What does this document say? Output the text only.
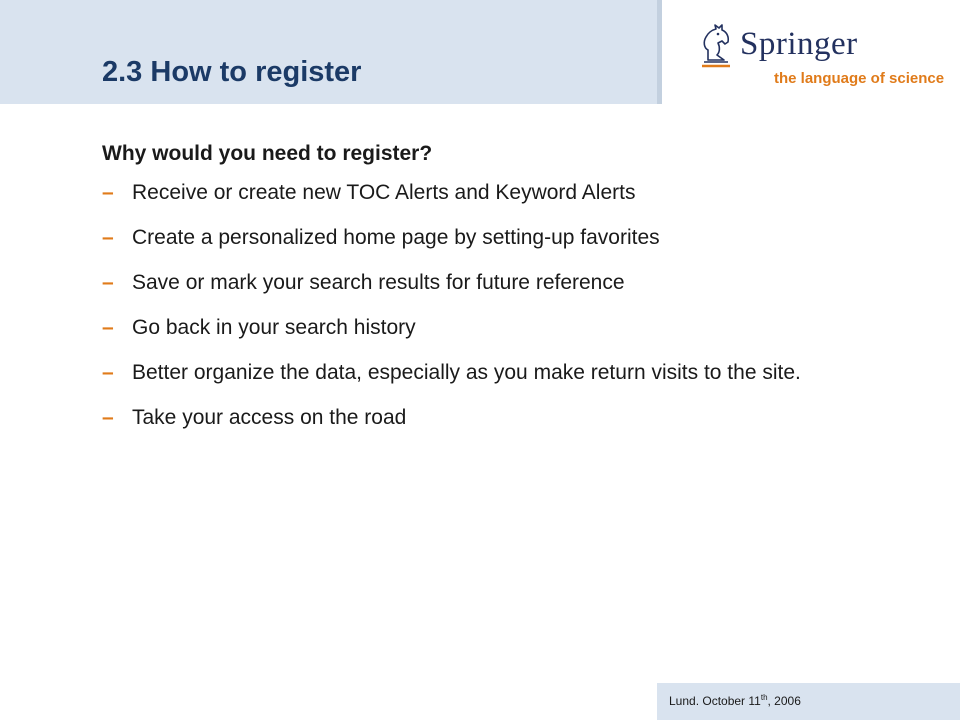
2.3 How to register
Springer
the language of science
Why would you need to register?
– Receive or create new TOC Alerts and Keyword Alerts
– Create a personalized home page by setting-up favorites
– Save or mark your search results for future reference
– Go back in your search history
– Better organize the data, especially as you make return visits to the site.
– Take your access on the road
Lund. October 11th, 2006
